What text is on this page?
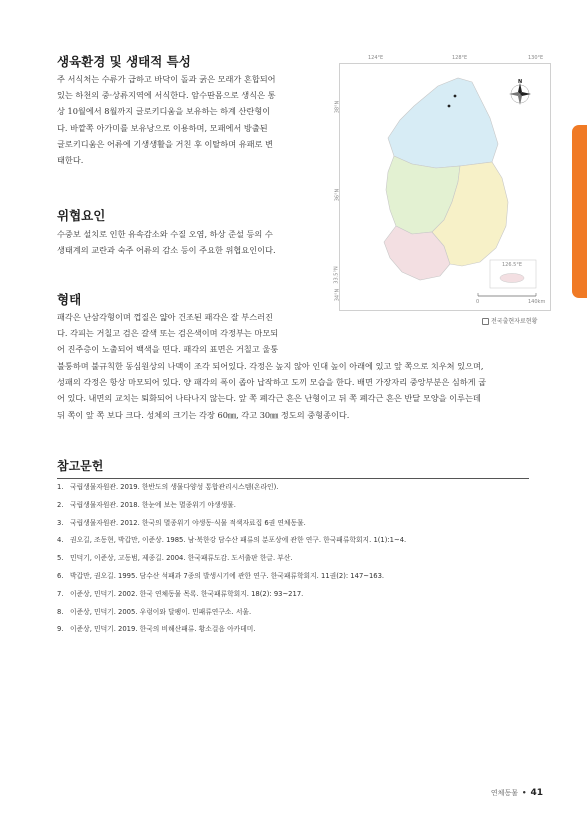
생육환경 및 생태적 특성

주 서식처는 수류가 급하고 바닥이 돌과 굵은 모래가 혼합되어
있는 하천의 중·상류지역에 서식한다. 암수딴몸으로 생식은 통
상 10월에서 8월까지 글로키디움을 보유하는 하계 산란형이
다. 바깥쪽 아가미를 보유낭으로 이용하며, 모패에서 방출된
글로키디움은 어류에 기생생활을 거친 후 이탈하며 유패로 변
태한다.

위협요인

수중보 설치로 인한 유속감소와 수질 오염, 하상 준설 등의 수
생태계의 교란과 숙주 어류의 감소 등이 주요한 위협요인이다.

형태

패각은 난삼각형이며 껍질은 얇아 건조된 패각은 잘 부스러진
다. 각피는 거칠고 검은 갈색 또는 검은색이며 각정부는 마모되
어 진주층이 노출되어 백색을 띤다. 패각의 표면은 거칠고 울퉁

불퉁하며 불규칙한 동심원상의 나맥이 조각 되어있다. 각정은 높지 않아 인대 높이 아래에 있고 앞 쪽으로 치우쳐 있으며,
성패의 각정은 항상 마모되어 있다. 양 패각의 폭이 좁아 납작하고 도끼 모습을 한다. 배면 가장자리 중앙부분은 심하게 굽
어 있다. 내면의 교치는 퇴화되어 나타나지 않는다. 앞 쪽 폐각근 흔은 난형이고 뒤 쪽 폐각근 흔은 반달 모양을 이루는데
뒤 쪽이 앞 쪽 보다 크다. 성체의 크기는 각장 60㎜, 각고 30㎜ 정도의 중형종이다.

124°E	128°E	130°E
38°N
36°N
33.5°N
34°N
N
126.5°E
0	140km
전국출현자료현황
참고문헌
1. 국립생물자원관. 2019. 한반도의 생물다양성 통합관리시스템(온라인).
2. 국립생물자원관. 2018. 한눈에 보는 멸종위기 야생생물.
3. 국립생물자원관. 2012. 한국의 멸종위기 야생동·식물 적색자료집 6권 연체동물.
4. 권오길, 조동현, 박갑만, 이준상. 1985. 남·북한강 담수산 패류의 분포상에 관한 연구. 한국패류학회지. 1(1):1~4.
5. 민덕기, 이준상, 고동범, 제종길. 2004. 한국패류도감. 도서출판 한글. 부산.
6. 박갑만, 권오길. 1995. 담수산 석패과 7종의 발생시기에 관한 연구. 한국패류학회지. 11권(2): 147~163.
7. 이준상, 민덕기. 2002. 한국 연체동물 목록. 한국패류학회지. 18(2): 93~217.
8. 이준상, 민덕기. 2005. 우렁이와 달팽이. 민패류연구소. 서울.
9. 이준상, 민덕기. 2019. 한국의 비해산패류. 황소걸음 아카데미.
연체동물 • 41
